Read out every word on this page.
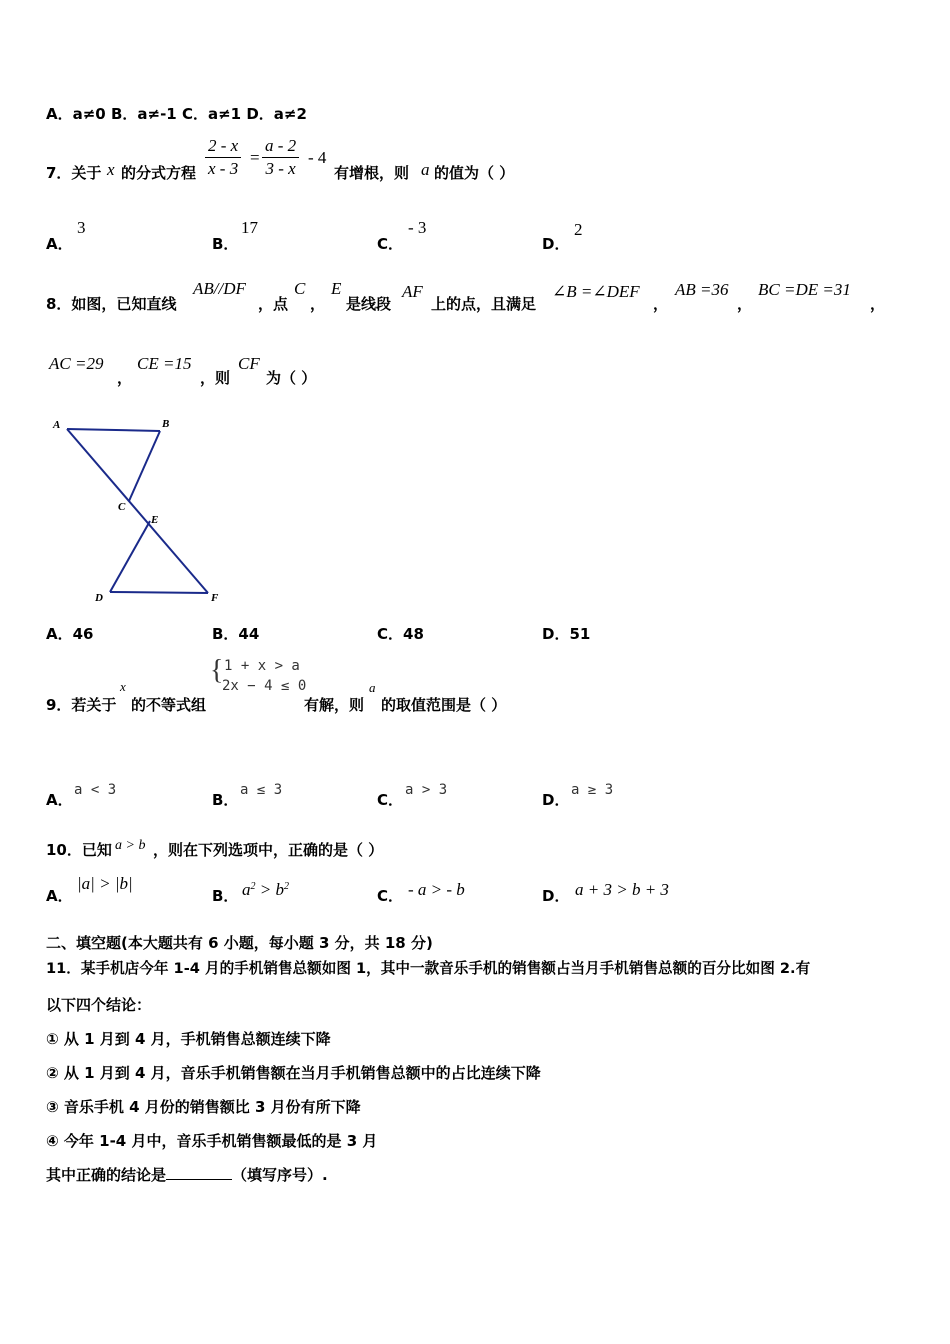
A．a≠0 B．a≠-1 C．a≠1 D．a≠2
7．关于 x 的分式方程 $\frac{2 - x}{x - 3} = \frac{a - 2}{3 - x} - 4$
有增根，则 a 的值为（ ）
A．
3
B．
17
C．
- 3
D．
2
8．如图，已知直线
AB//DF
，点
C
，
E
是线段
AF
上的点，且满足
∠B =∠DEF
，
AB =36
，
BC =DE =31
，
AC =29
，
CE =15
，则
CF
为（ ）
A	B
C
E
D	F
A．46	B．44	C．48	D．51
9．若关于
x
的不等式组
{ 1 + x > a
2x − 4 ≤ 0
有解，则
a
的取值范围是（ ）
A．
a < 3
B．
a ≤ 3
C．
a > 3
D．
a ≥ 3
10．已知 a > b ，则在下列选项中，正确的是（ ）
A．
|a| > |b|
B． $a^2 > b^2$
C． - a > - b	D． a + 3 > b + 3
二、填空题(本大题共有 6 小题，每小题 3 分，共 18 分)
11．某手机店今年 1-4 月的手机销售总额如图 1，其中一款音乐手机的销售额占当月手机销售总额的百分比如图 2.有
以下四个结论：
① 从 1 月到 4 月，手机销售总额连续下降
② 从 1 月到 4 月，音乐手机销售额在当月手机销售总额中的占比连续下降
③ 音乐手机 4 月份的销售额比 3 月份有所下降
④ 今年 1-4 月中，音乐手机销售额最低的是 3 月
其中正确的结论是	（填写序号）.
